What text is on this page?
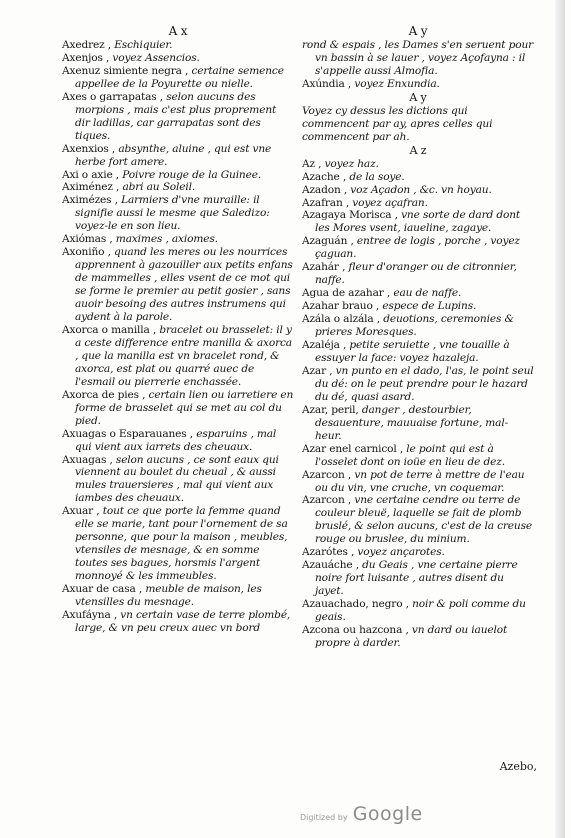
A x

Axedrez , Eschiquier.

Axenjos , voyez Assencios.

Axenuz simiente negra , certaine semence appellee de la Poyurette ou nielle.

Axes o garrapatas , selon aucuns des morpions , mais c'est plus proprement dir ladillas, car garrapatas sont des tiques.

Axenxios , absynthe, aluine , qui est vne herbe fort amere.

Axi o axie , Poivre rouge de la Guinee.

Aximénez , abri au Soleil.

Aximézes , Larmiers d'vne muraille: il signifie aussi le mesme que Saledizo: voyez-le en son lieu.

Axiómas , maximes , axiomes.

Axoniño , quand les meres ou les nourrices apprennent à gazouiller aux petits enfans de mammelles , elles vsent de ce mot qui se forme le premier au petit gosier , sans auoir besoing des autres instrumens qui aydent à la parole.

Axorca o manilla , bracelet ou brasselet: il y a ceste difference entre manilla & axorca , que la manilla est vn bracelet rond, & axorca, est plat ou quarré auec de l'esmail ou pierrerie enchassée.

Axorca de pies , certain lien ou iarretiere en forme de brasselet qui se met au col du pied.

Axuagas o Esparauanes , esparuins , mal qui vient aux iarrets des cheuaux.

Axuagas , selon aucuns , ce sont eaux qui viennent au boulet du cheual , & aussi mules trauersieres , mal qui vient aux iambes des cheuaux.

Axuar , tout ce que porte la femme quand elle se marie, tant pour l'ornement de sa personne, que pour la maison , meubles, vtensiles de mesnage, & en somme toutes ses bagues, horsmis l'argent monnoyé & les immeubles.

Axuar de casa , meuble de maison, les vtensilles du mesnage.

Axufáyna , vn certain vase de terre plombé, large, & vn peu creux auec vn bord

A y

rond & espais , les Dames s'en seruent pour vn bassin à se lauer , voyez Açofayna : il s'appelle aussi Almofia.

Axúndia , voyez Enxundia.

A y

Voyez cy dessus les dictions qui commencent par ay, apres celles qui commencent par ah.

A z

Az , voyez haz.

Azache , de la soye.

Azadon , voz Açadon , &c. vn hoyau.

Azafran , voyez açafran.

Azagaya Morisca , vne sorte de dard dont les Mores vsent, iaueline, zagaye.

Azaguán , entree de logis , porche , voyez çaguan.

Azahár , fleur d'oranger ou de citronnier, naffe.

Agua de azahar , eau de naffe.

Azahar brauo , espece de Lupins.

Azála o alzála , deuotions, ceremonies & prieres Moresques.

Azaléja , petite seruiette , vne touaille à essuyer la face: voyez hazaleja.

Azar , vn punto en el dado, l'as, le point seul du dé: on le peut prendre pour le hazard du dé, quasi asard.

Azar, peril, danger , destourbier, desauenture, mauuaise fortune, mal-heur.

Azar enel carnicol , le point qui est à l'osselet dont on ioüe en lieu de dez.

Azarcon , vn pot de terre à mettre de l'eau ou du vin, vne cruche, vn coquemar.

Azarcon , vne certaine cendre ou terre de couleur bleuë, laquelle se fait de plomb bruslé, & selon aucuns, c'est de la creuse rouge ou bruslee, du minium.

Azarótes , voyez ançarotes.

Azauáche , du Geais , vne certaine pierre noire fort luisante , autres disent du jayet.

Azauachado, negro , noir & poli comme du geais.

Azcona ou hazcona , vn dard ou iauelot propre à darder.

Azebo,
Digitized by Google
